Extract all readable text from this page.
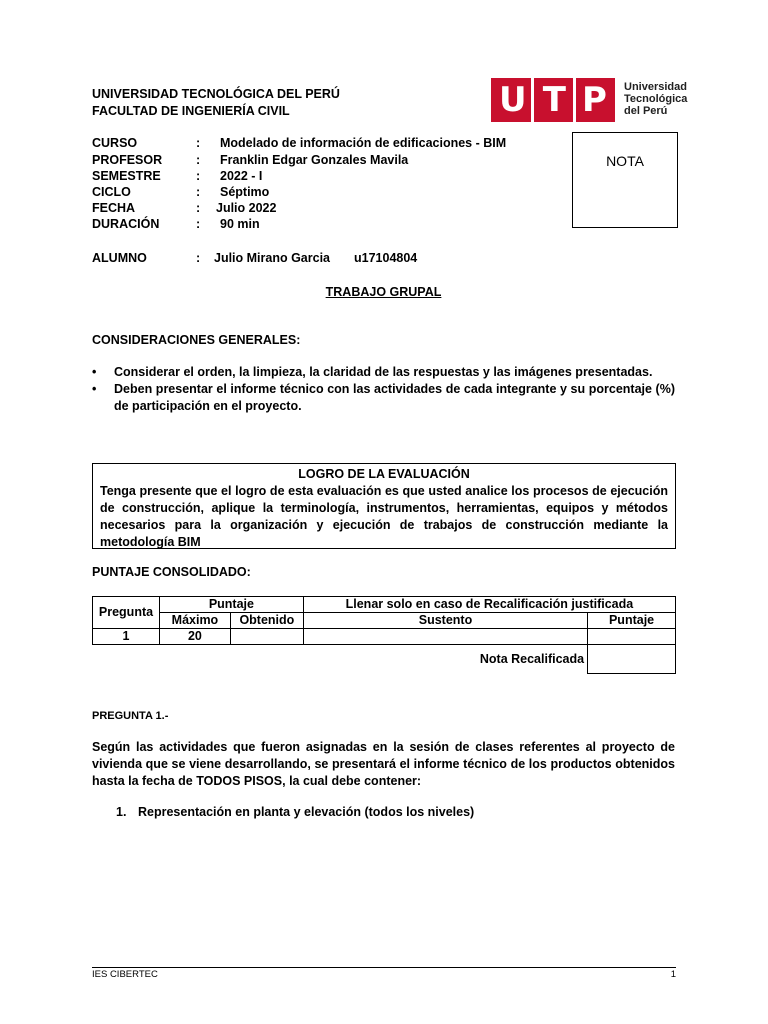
UNIVERSIDAD TECNOLÓGICA DEL PERÚ
FACULTAD DE INGENIERÍA CIVIL	U T P Universidad
Tecnológica
del Perú
CURSO	: Modelado de información de edificaciones - BIM
PROFESOR	: Franklin Edgar Gonzales Mavila
SEMESTRE	: 2022 - I
CICLO	: Séptimo
FECHA	: Julio 2022
DURACIÓN	: 90 min
ALUMNO	: Julio Mirano Garcia u17104804
NOTA
TRABAJO GRUPAL
CONSIDERACIONES GENERALES:
• Considerar el orden, la limpieza, la claridad de las respuestas y las imágenes presentadas.
• Deben presentar el informe técnico con las actividades de cada integrante y su porcentaje (%) de participación en el proyecto.
LOGRO DE LA EVALUACIÓN
Tenga presente que el logro de esta evaluación es que usted analice los procesos de ejecución de construcción, aplique la terminología, instrumentos, herramientas, equipos y métodos necesarios para la organización y ejecución de trabajos de construcción mediante la metodología BIM
PUNTAJE CONSOLIDADO:
Pregunta	Puntaje		Llenar solo en caso de Recalificación justificada	
	Máximo	Obtenido	Sustento	Puntaje
1	20			
Nota Recalificada				
PREGUNTA 1.-
Según las actividades que fueron asignadas en la sesión de clases referentes al proyecto de vivienda que se viene desarrollando, se presentará el informe técnico de los productos obtenidos hasta la fecha de TODOS PISOS, la cual debe contener:
1. Representación en planta y elevación (todos los niveles)
IES CIBERTEC	1
